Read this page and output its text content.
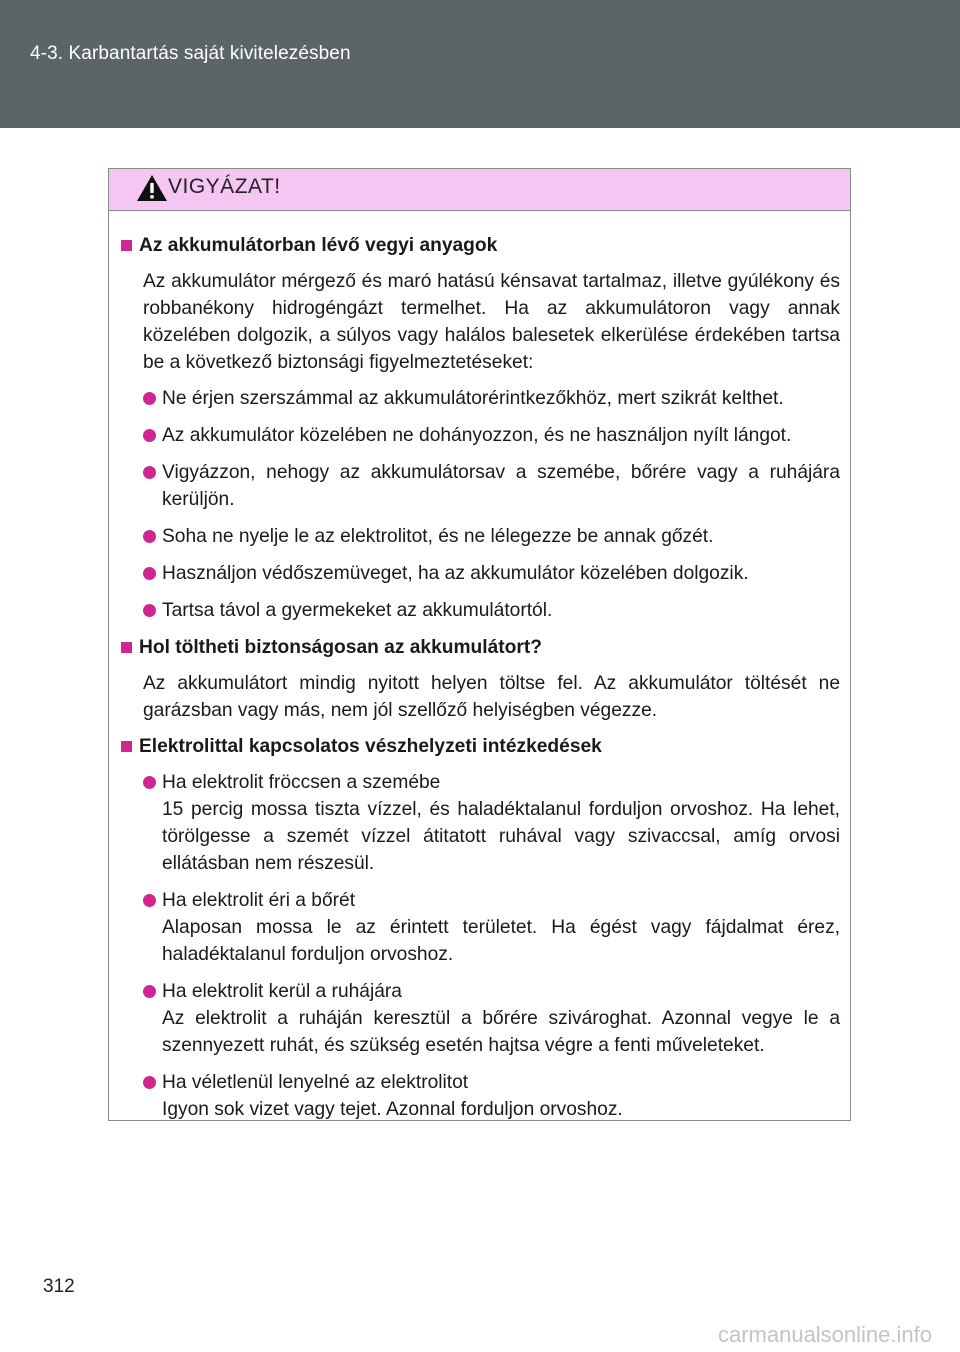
4-3. Karbantartás saját kivitelezésben
VIGYÁZAT!
Az akkumulátorban lévő vegyi anyagok
Az akkumulátor mérgező és maró hatású kénsavat tartalmaz, illetve gyúlékony és robbanékony hidrogéngázt termelhet. Ha az akkumulátoron vagy annak közelében dolgozik, a súlyos vagy halálos balesetek elkerülése érdekében tartsa be a következő biztonsági figyelmeztetéseket:
Ne érjen szerszámmal az akkumulátorérintkezőkhöz, mert szikrát kelthet.
Az akkumulátor közelében ne dohányozzon, és ne használjon nyílt lángot.
Vigyázzon, nehogy az akkumulátorsav a szemébe, bőrére vagy a ruhájára kerüljön.
Soha ne nyelje le az elektrolitot, és ne lélegezze be annak gőzét.
Használjon védőszemüveget, ha az akkumulátor közelében dolgozik.
Tartsa távol a gyermekeket az akkumulátortól.
Hol töltheti biztonságosan az akkumulátort?
Az akkumulátort mindig nyitott helyen töltse fel. Az akkumulátor töltését ne garázsban vagy más, nem jól szellőző helyiségben végezze.
Elektrolittal kapcsolatos vészhelyzeti intézkedések
Ha elektrolit fröccsen a szemébe
15 percig mossa tiszta vízzel, és haladéktalanul forduljon orvoshoz. Ha lehet, törölgesse a szemét vízzel átitatott ruhával vagy szivaccsal, amíg orvosi ellátásban nem részesül.
Ha elektrolit éri a bőrét
Alaposan mossa le az érintett területet. Ha égést vagy fájdalmat érez, haladéktalanul forduljon orvoshoz.
Ha elektrolit kerül a ruhájára
Az elektrolit a ruháján keresztül a bőrére szivároghat. Azonnal vegye le a szennyezett ruhát, és szükség esetén hajtsa végre a fenti műveleteket.
Ha véletlenül lenyelné az elektrolitot
Igyon sok vizet vagy tejet. Azonnal forduljon orvoshoz.
312
carmanualsonline.info
